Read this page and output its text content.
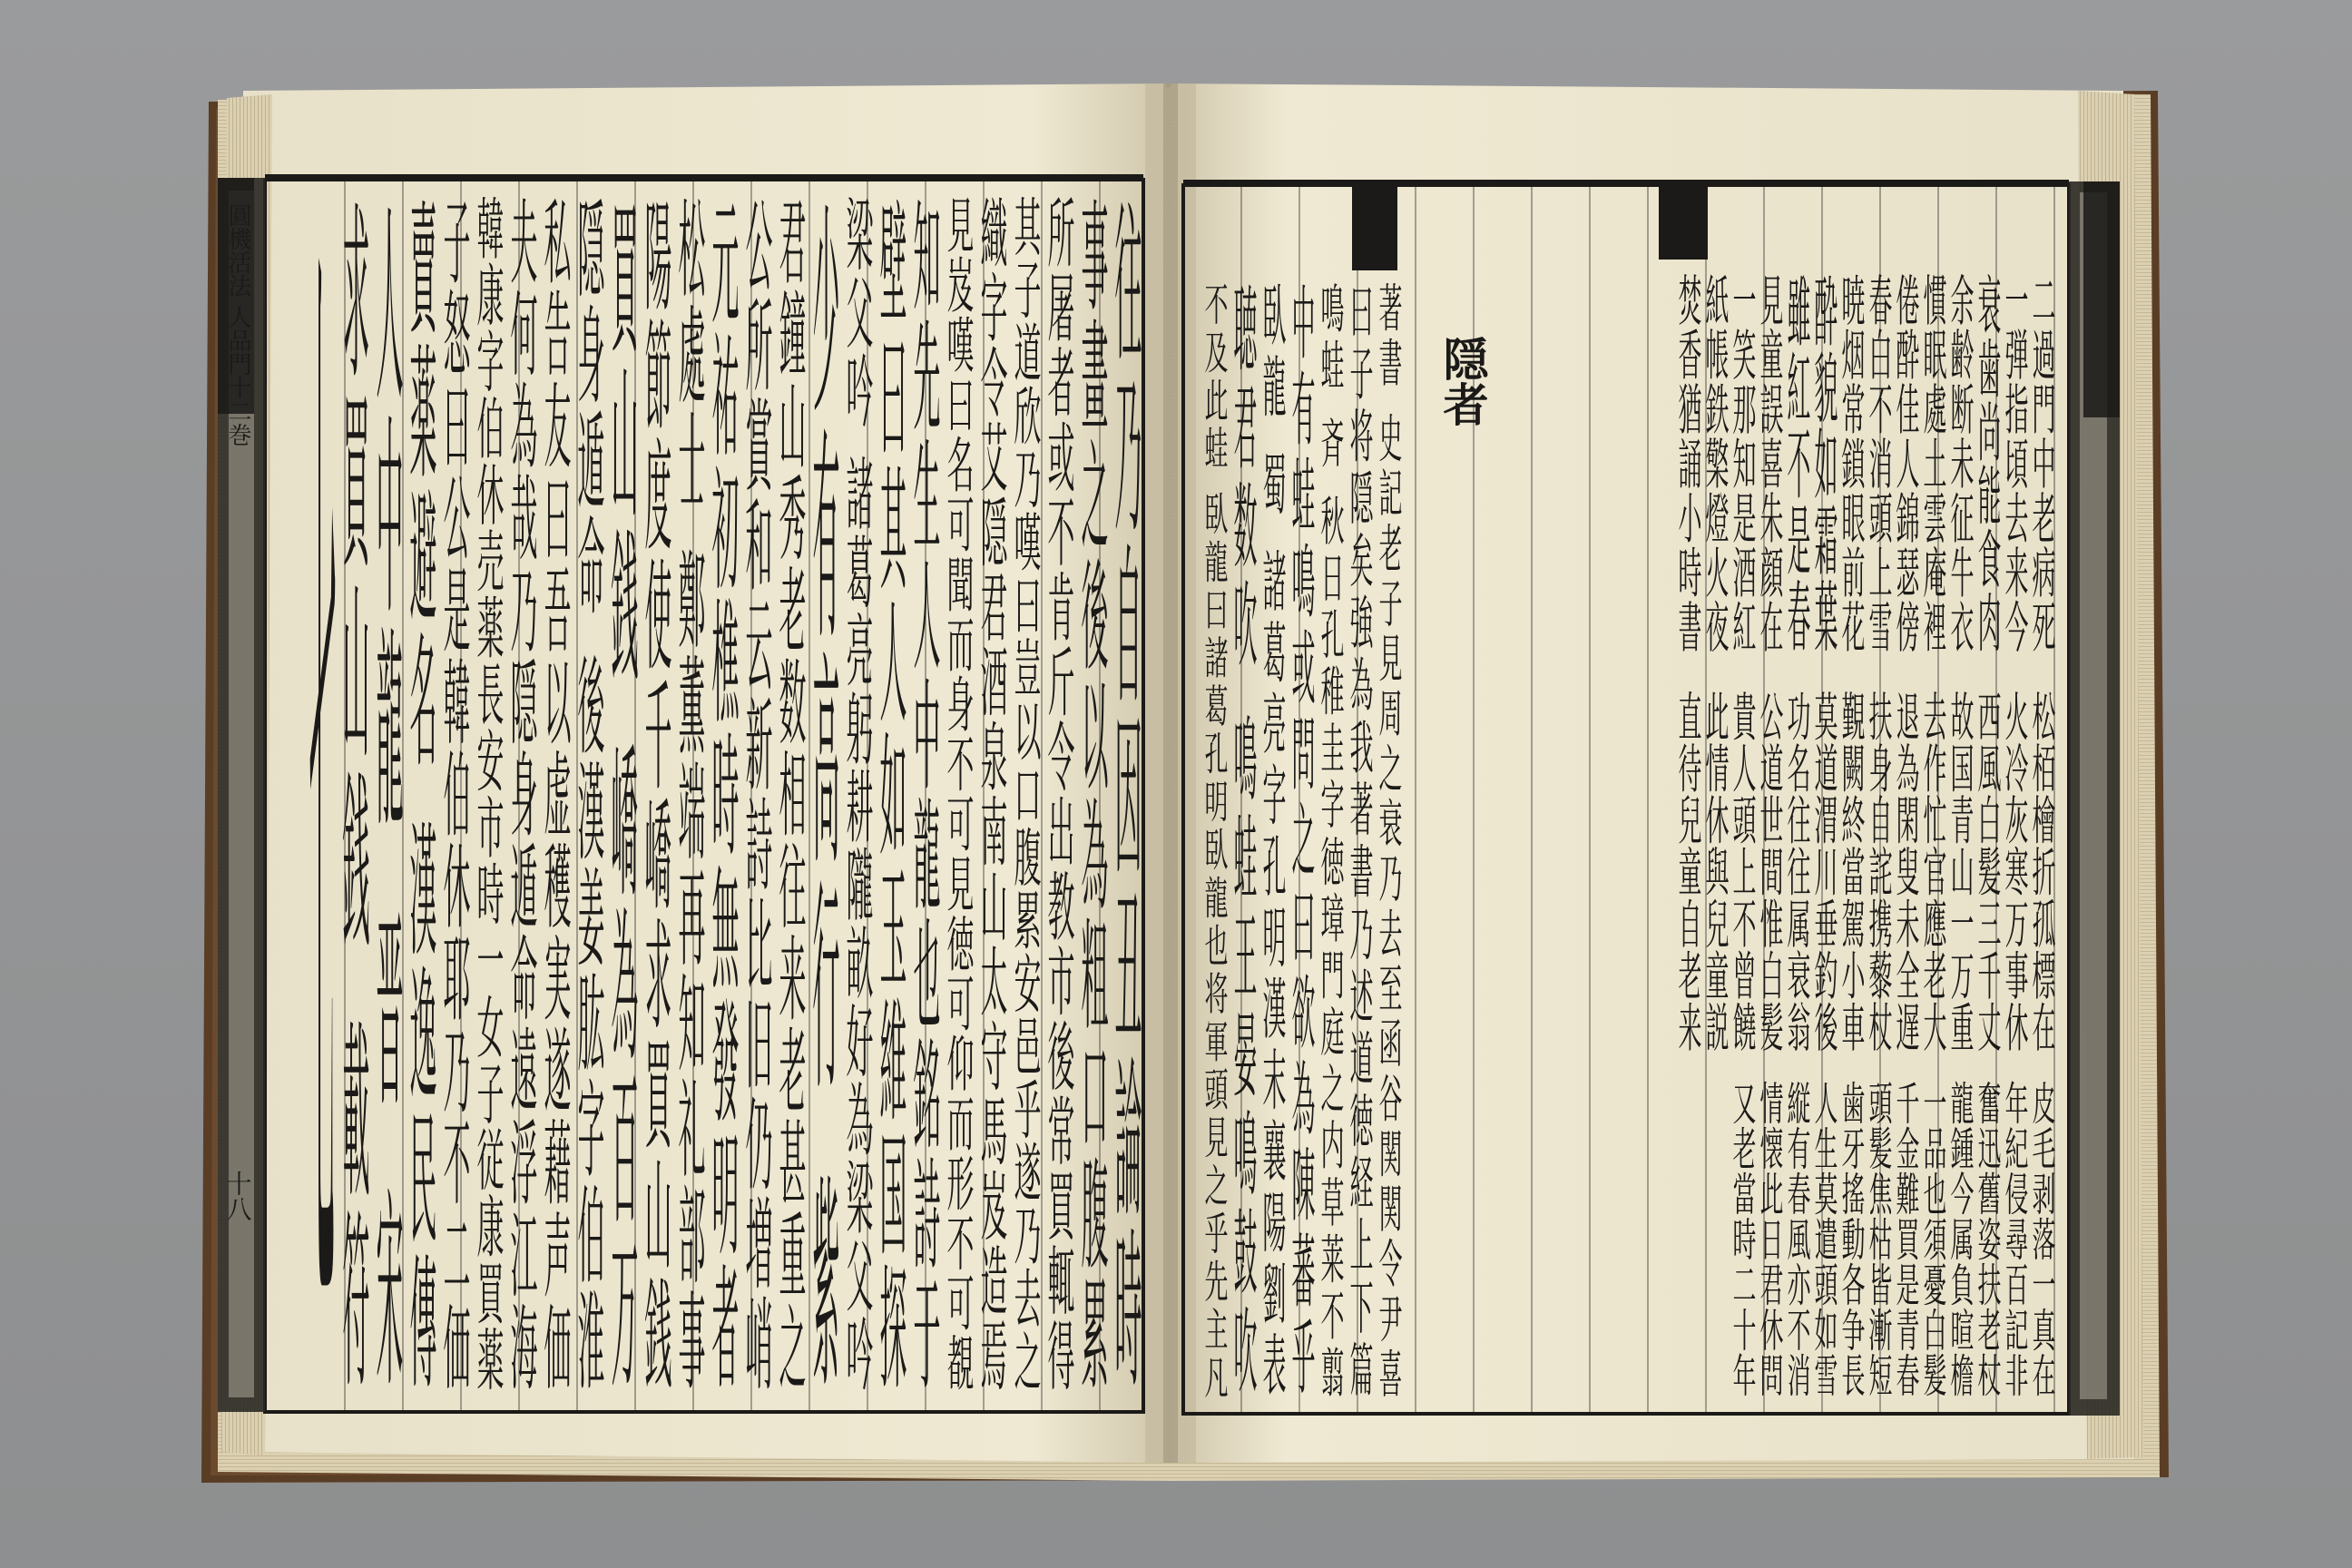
結句
隠者
事實
二過門中老病死
一弾指頃去来今
衰歯尚能食肉
余齢断未征牛衣
慣眠處土雲庵裡
倦酔佳人錦瑟傍
春白不消頭上雪
暁烟常鎖眼前花
酔貌如霜葉
雖紅不是春
見童誤喜朱顔在
一笑那知是酒紅
紙帳鉄檠燈火夜
焚香猶誦小時書
松栢檜折孤標在
火冷灰寒万事休
西風白髪三千丈
故国青山一万重
去作忙官應老大
退為閑叟未全遅
扶身自詫携藜杖
覲闕終當駕小車
莫道渭川垂釣後
功名往往属衰翁
公道世間惟白髪
貴人頭上不曾饒
此情休與兒童説
直待兒童自老来
皮毛剥落一真在
年紀侵尋百記非
奮迅舊姿扶老杖
龍鍾今属負暄檐
一品也須憂白髪
千金難買是青春
頭髪焦枯皆漸短
歯牙搖動各争長
人生莫遣頭如雪
縦有春風亦不消
情懐此日君休問
又老當時二十年
著書 史記老子見周之衰乃去至函谷関関令尹喜
曰子将隠矣強為我著書乃述道徳経上下篇
鳴蛙 斉 秋日孔稚圭字徳璋門庭之内草莱不翦
中有蛙鳴或問之曰欲為陳蕃乎
臥龍 蜀 諸葛亮字孔明漢末襄陽劉表
聴君数吹 鳴蛙王晏鳴鼓吹
不及此蛙 臥龍曰諸葛孔明臥龍也将軍頭見之乎先主凡
往乃自因丑論時
事畫之後以為粗口腹累
所屠者或不肯斤令出教市後常買輒得
其子道欣乃嘆曰豈以口腹累安邑乎遂乃去之
織字令艾隠君酒泉南山太守馬岌造焉
見岌嘆曰名可聞而身不可見徳可仰而形不可覩
知先生人中龍也銘詩于
壁曰其人如玉維国探
梁父吟 諸葛亮躬耕隴畝好為梁父吟
少有高行 紫
君鐘山秀老数相往来老甚重之
公所賞和云新詩比旧仍増峭
元祐初樵時無發明者
松處士 鄭薫端再知礼部事
陽節度使千嶠求買山銭
買山銭 嶠為百万
隠身遁命 後漢姜肱字伯淮
私告友曰吾以虚穫実遂藉声価
夫何為哉乃隠身遁命遠浮江海
韓康字伯休売薬長安市時一女子従康買薬
子怒曰公是韓伯休耶乃不二価
賣薬避名 漢逸民傳
人中龍 晋 宋
求買山銭 載符
七
圓機活法 人品門十二巻
十八
